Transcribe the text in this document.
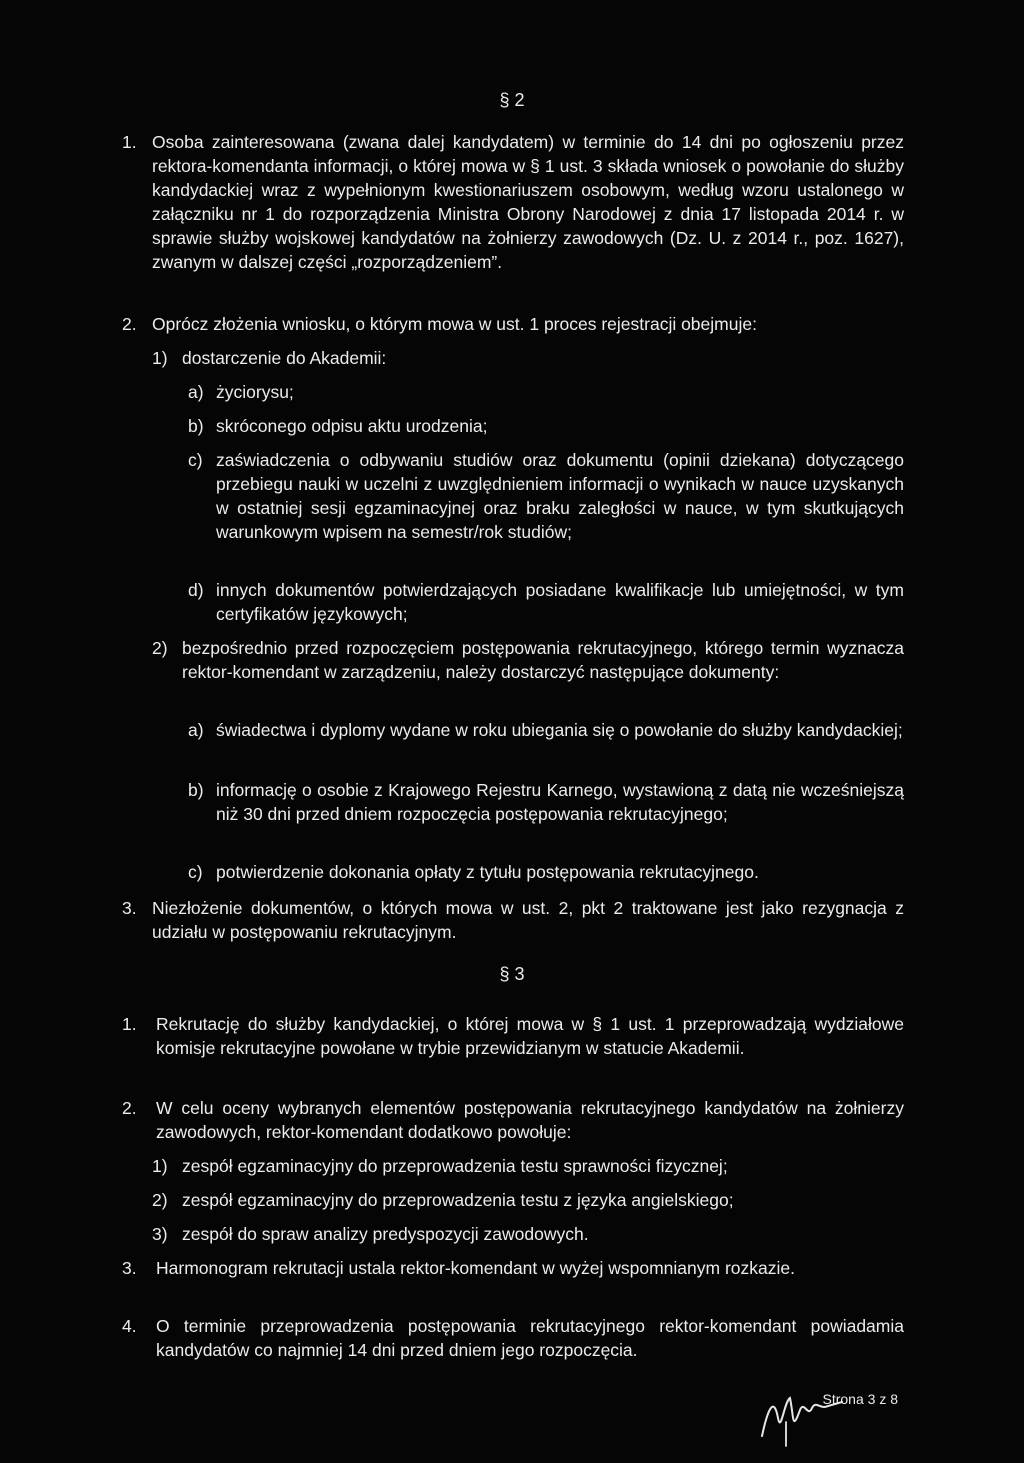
§ 2
1. Osoba zainteresowana (zwana dalej kandydatem) w terminie do 14 dni po ogłoszeniu przez rektora-komendanta informacji, o której mowa w § 1 ust. 3 składa wniosek o powołanie do służby kandydackiej wraz z wypełnionym kwestionariuszem osobowym, według wzoru ustalonego w załączniku nr 1 do rozporządzenia Ministra Obrony Narodowej z dnia 17 listopada 2014 r. w sprawie służby wojskowej kandydatów na żołnierzy zawodowych (Dz. U. z 2014 r., poz. 1627), zwanym w dalszej części „rozporządzeniem”.
2. Oprócz złożenia wniosku, o którym mowa w ust. 1 proces rejestracji obejmuje:
1) dostarczenie do Akademii:
a) życiorysu;
b) skróconego odpisu aktu urodzenia;
c) zaświadczenia o odbywaniu studiów oraz dokumentu (opinii dziekana) dotyczącego przebiegu nauki w uczelni z uwzględnieniem informacji o wynikach w nauce uzyskanych w ostatniej sesji egzaminacyjnej oraz braku zaległości w nauce, w tym skutkujących warunkowym wpisem na semestr/rok studiów;
d) innych dokumentów potwierdzających posiadane kwalifikacje lub umiejętności, w tym certyfikatów językowych;
2) bezpośrednio przed rozpoczęciem postępowania rekrutacyjnego, którego termin wyznacza rektor-komendant w zarządzeniu, należy dostarczyć następujące dokumenty:
a) świadectwa i dyplomy wydane w roku ubiegania się o powołanie do służby kandydackiej;
b) informację o osobie z Krajowego Rejestru Karnego, wystawioną z datą nie wcześniejszą niż 30 dni przed dniem rozpoczęcia postępowania rekrutacyjnego;
c) potwierdzenie dokonania opłaty z tytułu postępowania rekrutacyjnego.
3. Niezłożenie dokumentów, o których mowa w ust. 2, pkt 2 traktowane jest jako rezygnacja z udziału w postępowaniu rekrutacyjnym.
§ 3
1. Rekrutację do służby kandydackiej, o której mowa w § 1 ust. 1 przeprowadzają wydziałowe komisje rekrutacyjne powołane w trybie przewidzianym w statucie Akademii.
2. W celu oceny wybranych elementów postępowania rekrutacyjnego kandydatów na żołnierzy zawodowych, rektor-komendant dodatkowo powołuje:
1) zespół egzaminacyjny do przeprowadzenia testu sprawności fizycznej;
2) zespół egzaminacyjny do przeprowadzenia testu z języka angielskiego;
3) zespół do spraw analizy predyspozycji zawodowych.
3. Harmonogram rekrutacji ustala rektor-komendant w wyżej wspomnianym rozkazie.
4. O terminie przeprowadzenia postępowania rekrutacyjnego rektor-komendant powiadamia kandydatów co najmniej 14 dni przed dniem jego rozpoczęcia.
Strona 3 z 8
